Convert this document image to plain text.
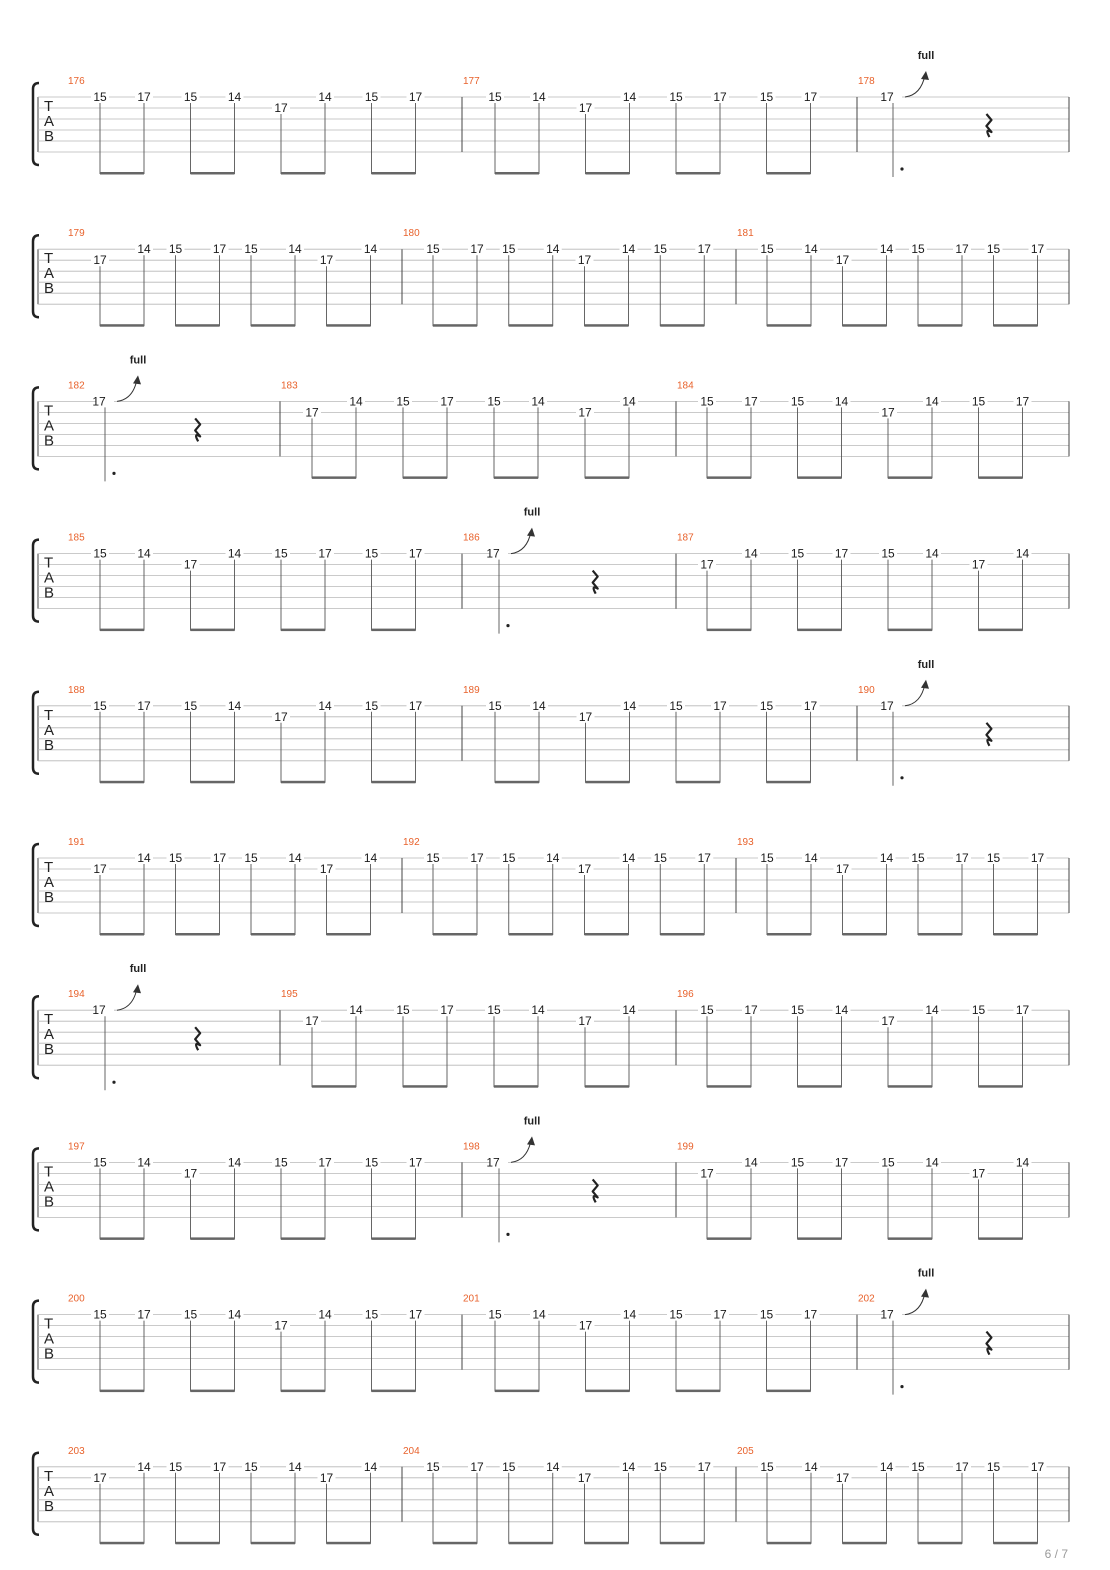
T
A
B
176
15	17	15	14
17
14	15	17
177
15	14
17
14	15	17	15	17
178
17
full
T
A
B
179
17
14 15	17 15	14
17
14
180
15	17 15	14
17
14 15	17
181
15	14
17
14 15	17 15	17
T
A
B
182
17
full
183
17
14	15	17	15	14
17
14
184
15	17	15	14
17
14	15	17
T
A
B
185
15	14
17
14	15	17	15	17
186
17
full
187
17
14	15	17	15	14
17
14
T
A
B
188
15	17	15	14
17
14	15	17
189
15	14
17
14	15	17	15	17
190
17
full
T
A
B
191
17
14 15	17 15	14
17
14
192
15	17 15	14
17
14 15	17
193
15	14
17
14 15	17 15	17
T
A
B
194
17
full
195
17
14	15	17	15	14
17
14
196
15	17	15	14
17
14	15	17
T
A
B
197
15	14
17
14	15	17	15	17
198
17
full
199
17
14	15	17	15	14
17
14
T
A
B
200
15	17	15	14
17
14	15	17
201
15	14
17
14	15	17	15	17
202
17
full
T
A
B
203
17
14 15	17 15	14
17
14
204
15	17 15	14
17
14 15	17
205
15	14
17
14 15	17 15	17
6 / 7
